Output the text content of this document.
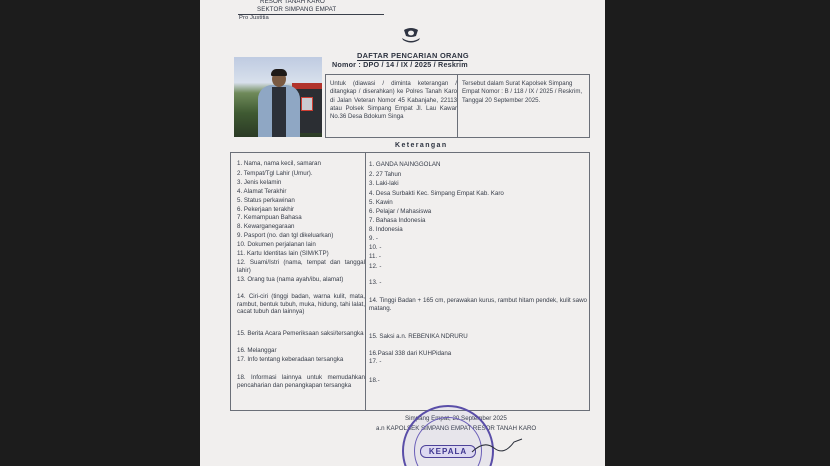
RESOR TANAH KARO
SEKTOR SIMPANG EMPAT
Pro Justitia
DAFTAR PENCARIAN ORANG
Nomor : DPO / 14 / IX / 2025 / Reskrim
Untuk (diawasi / diminta keterangan / ditangkap / diserahkan) ke Polres Tanah Karo di Jalan Veteran Nomor 45 Kabanjahe, 22113 atau Polsek Simpang Empat Jl. Lau Kawar No.36 Desa Bdokum Singa
Tersebut dalam Surat Kapolsek Simpang Empat Nomor : B / 118 / IX / 2025 / Reskrim, Tanggal 20 September 2025.
Keterangan
1. Nama, nama kecil, samaran	1. GANDA NAINGGOLAN
2. Tempat/Tgl Lahir (Umur).	2. 27 Tahun
3. Jenis kelamin	3. Laki-laki
4. Alamat Terakhir	4. Desa Surbakti Kec. Simpang Empat Kab. Karo
5. Status perkawinan	5. Kawin
6. Pekerjaan terakhir	6. Pelajar / Mahasiswa
7. Kemampuan Bahasa	7. Bahasa Indonesia
8. Kewarganegaraan	8. Indonesia
9. Pasport (no. dan tgl dikeluarkan)	9. -
10. Dokumen perjalanan lain	10. -
11. Kartu Identitas lain (SIM/KTP)	11. -
12. Suami/Istri (nama, tempat dan tanggal lahir)
12. -
13. Orang tua (nama ayah/ibu, alamat)	13. -
14. Ciri-ciri (tinggi badan, warna kulit, mata, rambut, bentuk tubuh, muka, hidung, tahi lalat, cacat tubuh dan lainnya)
14. Tinggi Badan + 165 cm, perawakan kurus, rambut hitam pendek, kulit sawo matang.
15. Berita Acara Pemeriksaan saksi/tersangka 15. Saksi a.n. REBENIKA NDRURU
16. Melanggar	16.Pasal 338 dari KUHPidana
17. Info tentang keberadaan tersangka	17. -
18. Informasi lainnya untuk memudahkan pencaharian dan penangkapan tersangka
18.-
Simpang Empat, 20 September 2025
a.n KAPOLSEK SIMPANG EMPAT RESOR TANAH KARO
KEPALA
